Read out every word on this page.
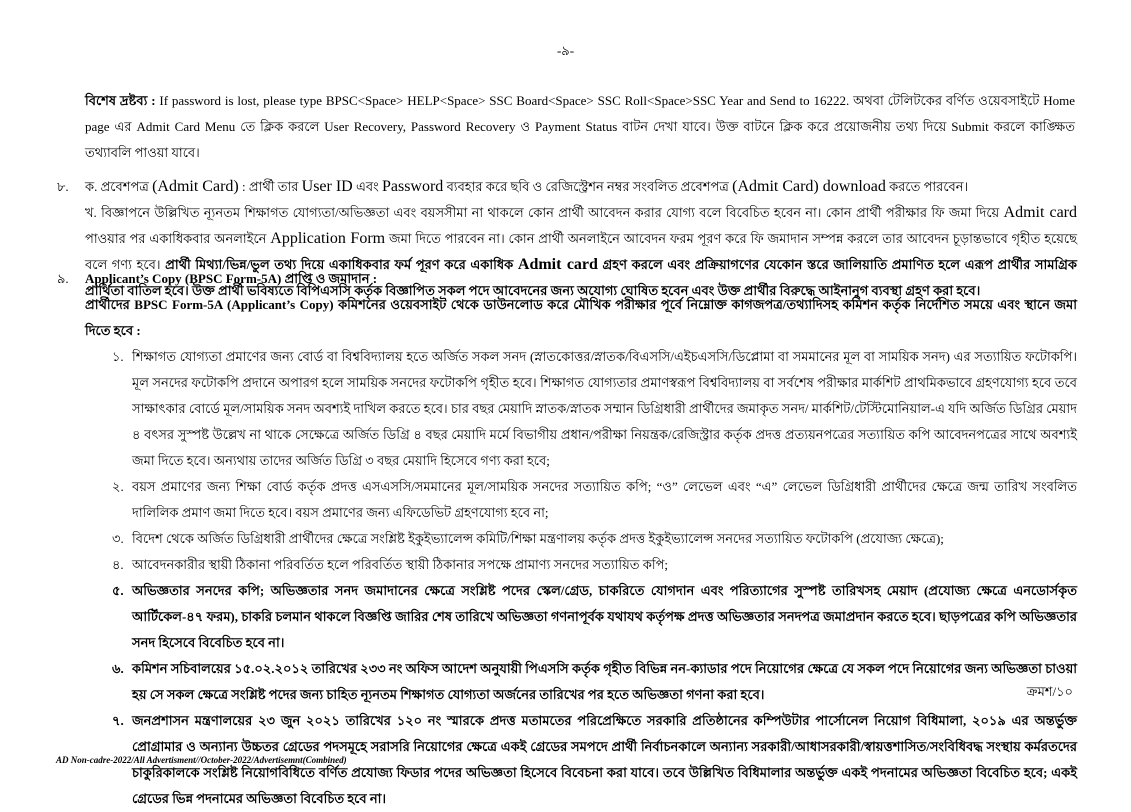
-৯-
বিশেষ দ্রষ্টব্য : If password is lost, please type BPSC<Space> HELP<Space> SSC Board<Space> SSC Roll<Space>SSC Year and Send to 16222. অথবা টেলিটকের বর্ণিত ওয়েবসাইটে Home page এর Admit Card Menu তে ক্লিক করলে User Recovery, Password Recovery ও Payment Status বাটন দেখা যাবে। উক্ত বাটনে ক্লিক করে প্রয়োজনীয় তথ্য দিয়ে Submit করলে কাঙ্ক্ষিত তথ্যাবলি পাওয়া যাবে।
৮. ক. প্রবেশপত্র (Admit Card) : প্রার্থী তার User ID এবং Password ব্যবহার করে ছবি ও রেজিস্ট্রেশন নম্বর সংবলিত প্রবেশপত্র (Admit Card) download করতে পারবেন।
খ. বিজ্ঞাপনে উল্লিখিত ন্যূনতম শিক্ষাগত যোগ্যতা/অভিজ্ঞতা এবং বয়সসীমা না থাকলে কোন প্রার্থী আবেদন করার যোগ্য বলে বিবেচিত হবেন না। কোন প্রার্থী পরীক্ষার ফি জমা দিয়ে Admit card পাওয়ার পর একাধিকবার অনলাইনে Application Form জমা দিতে পারবেন না। কোন প্রার্থী অনলাইনে আবেদন ফরম পূরণ করে ফি জমাদান সম্পন্ন করলে তার আবেদন চূড়ান্তভাবে গৃহীত হয়েছে বলে গণ্য হবে। প্রার্থী মিথ্যা/ভিন্ন/ভুল তথ্য দিয়ে একাধিকবার ফর্ম পূরণ করে একাধিক Admit card গ্রহণ করলে এবং প্রক্রিয়াগণের যেকোন স্তরে জালিয়াতি প্রমাণিত হলে এরূপ প্রার্থীর সামগ্রিক প্রার্থিতা বাতিল হবে। উক্ত প্রার্থী ভবিষ্যতে বিপিএসসি কর্তৃক বিজ্ঞাপিত সকল পদে আবেদনের জন্য অযোগ্য ঘোষিত হবেন এবং উক্ত প্রার্থীর বিরুদ্ধে আইনানুগ ব্যবস্থা গ্রহণ করা হবে।
৯. Applicant’s Copy (BPSC Form-5A) প্রাপ্তি ও জমাদান :
প্রার্থীদের BPSC Form-5A (Applicant’s Copy) কমিশনের ওয়েবসাইট থেকে ডাউনলোড করে মৌখিক পরীক্ষার পূর্বে নিম্নোক্ত কাগজপত্র/তথ্যাদিসহ কমিশন কর্তৃক নির্দেশিত সময়ে এবং স্থানে জমা দিতে হবে :
১. শিক্ষাগত যোগ্যতা প্রমাণের জন্য বোর্ড বা বিশ্ববিদ্যালয় হতে অর্জিত সকল সনদ (স্নাতকোত্তর/স্নাতক/বিএসসি/এইচএসসি/ডিপ্লোমা বা সমমানের মূল বা সাময়িক সনদ) এর সত্যায়িত ফটোকপি। মূল সনদের ফটোকপি প্রদানে অপারগ হলে সাময়িক সনদের ফটোকপি গৃহীত হবে। শিক্ষাগত যোগ্যতার প্রমাণস্বরূপ বিশ্ববিদ্যালয় বা সর্বশেষ পরীক্ষার মার্কশিট প্রাথমিকভাবে গ্রহণযোগ্য হবে তবে সাক্ষাৎকার বোর্ডে মূল/সাময়িক সনদ অবশ্যই দাখিল করতে হবে। চার বছর মেয়াদি স্নাতক/স্নাতক সম্মান ডিগ্রিধারী প্রার্থীদের জমাকৃত সনদ/ মার্কশিট/টেস্টিমোনিয়াল-এ যদি অর্জিত ডিগ্রির মেয়াদ ৪ বৎসর সুস্পষ্ট উল্লেখ না থাকে সেক্ষেত্রে অর্জিত ডিগ্রি ৪ বছর মেয়াদি মর্মে বিভাগীয় প্রধান/পরীক্ষা নিয়ন্ত্রক/রেজিস্ট্রার কর্তৃক প্রদত্ত প্রত্যয়নপত্রের সত্যায়িত কপি আবেদনপত্রের সাথে অবশ্যই জমা দিতে হবে। অন্যথায় তাদের অর্জিত ডিগ্রি ৩ বছর মেয়াদি হিসেবে গণ্য করা হবে;
২. বয়স প্রমাণের জন্য শিক্ষা বোর্ড কর্তৃক প্রদত্ত এসএসসি/সমমানের মূল/সাময়িক সনদের সত্যায়িত কপি; “ও” লেভেল এবং “এ” লেভেল ডিগ্রিধারী প্রার্থীদের ক্ষেত্রে জন্ম তারিখ সংবলিত দালিলিক প্রমাণ জমা দিতে হবে। বয়স প্রমাণের জন্য এফিডেভিট গ্রহণযোগ্য হবে না;
৩. বিদেশ থেকে অর্জিত ডিগ্রিধারী প্রার্থীদের ক্ষেত্রে সংশ্লিষ্ট ইকুইভ্যালেন্স কমিটি/শিক্ষা মন্ত্রণালয় কর্তৃক প্রদত্ত ইকুইভ্যালেন্স সনদের সত্যায়িত ফটোকপি (প্রযোজ্য ক্ষেত্রে);
৪. আবেদনকারীর স্থায়ী ঠিকানা পরিবর্তিত হলে পরিবর্তিত স্থায়ী ঠিকানার সপক্ষে প্রামাণ্য সনদের সত্যায়িত কপি;
৫. অভিজ্ঞতার সনদের কপি; অভিজ্ঞতার সনদ জমাদানের ক্ষেত্রে সংশ্লিষ্ট পদের স্কেল/গ্রেড, চাকরিতে যোগদান এবং পরিত্যাগের সুস্পষ্ট তারিখসহ মেয়াদ (প্রযোজ্য ক্ষেত্রে এনডোর্সকৃত আর্টিকেল-৪৭ ফরম), চাকরি চলমান থাকলে বিজ্ঞপ্তি জারির শেষ তারিখে অভিজ্ঞতা গণনাপূর্বক যথাযথ কর্তৃপক্ষ প্রদত্ত অভিজ্ঞতার সনদপত্র জমাপ্রদান করতে হবে। ছাড়পত্রের কপি অভিজ্ঞতার সনদ হিসেবে বিবেচিত হবে না।
৬. কমিশন সচিবালয়ের ১৫.০২.২০১২ তারিখের ২৩৩ নং অফিস আদেশ অনুযায়ী পিএসসি কর্তৃক গৃহীত বিভিন্ন নন-ক্যাডার পদে নিয়োগের ক্ষেত্রে যে সকল পদে নিয়োগের জন্য অভিজ্ঞতা চাওয়া হয় সে সকল ক্ষেত্রে সংশ্লিষ্ট পদের জন্য চাহিত ন্যূনতম শিক্ষাগত যোগ্যতা অর্জনের তারিখের পর হতে অভিজ্ঞতা গণনা করা হবে।
৭. জনপ্রশাসন মন্ত্রণালয়ের ২৩ জুন ২০২১ তারিখের ১২০ নং স্মারকে প্রদত্ত মতামতের পরিপ্রেক্ষিতে সরকারি প্রতিষ্ঠানের কম্পিউটার পার্সোনেল নিয়োগ বিধিমালা, ২০১৯ এর অন্তর্ভুক্ত প্রোগ্রামার ও অন্যান্য উচ্চতর গ্রেডের পদসমূহে সরাসরি নিয়োগের ক্ষেত্রে একই গ্রেডের সমপদে প্রার্থী নির্বাচনকালে অন্যান্য সরকারী/আধাসরকারী/স্বায়ত্তশাসিত/সংবিধিবদ্ধ সংস্থায় কর্মরতদের চাকুরিকালকে সংশ্লিষ্ট নিয়োগবিধিতে বর্ণিত প্রযোজ্য ফিডার পদের অভিজ্ঞতা হিসেবে বিবেচনা করা যাবে। তবে উল্লিখিত বিধিমালার অন্তর্ভুক্ত একই পদনামের অভিজ্ঞতা বিবেচিত হবে; একই গ্রেডের ভিন্ন পদনামের অভিজ্ঞতা বিবেচিত হবে না।
ক্রমশ/১০
AD Non-cadre-2022/All Advertisment//October-2022/Advertisemnt(Combined)
